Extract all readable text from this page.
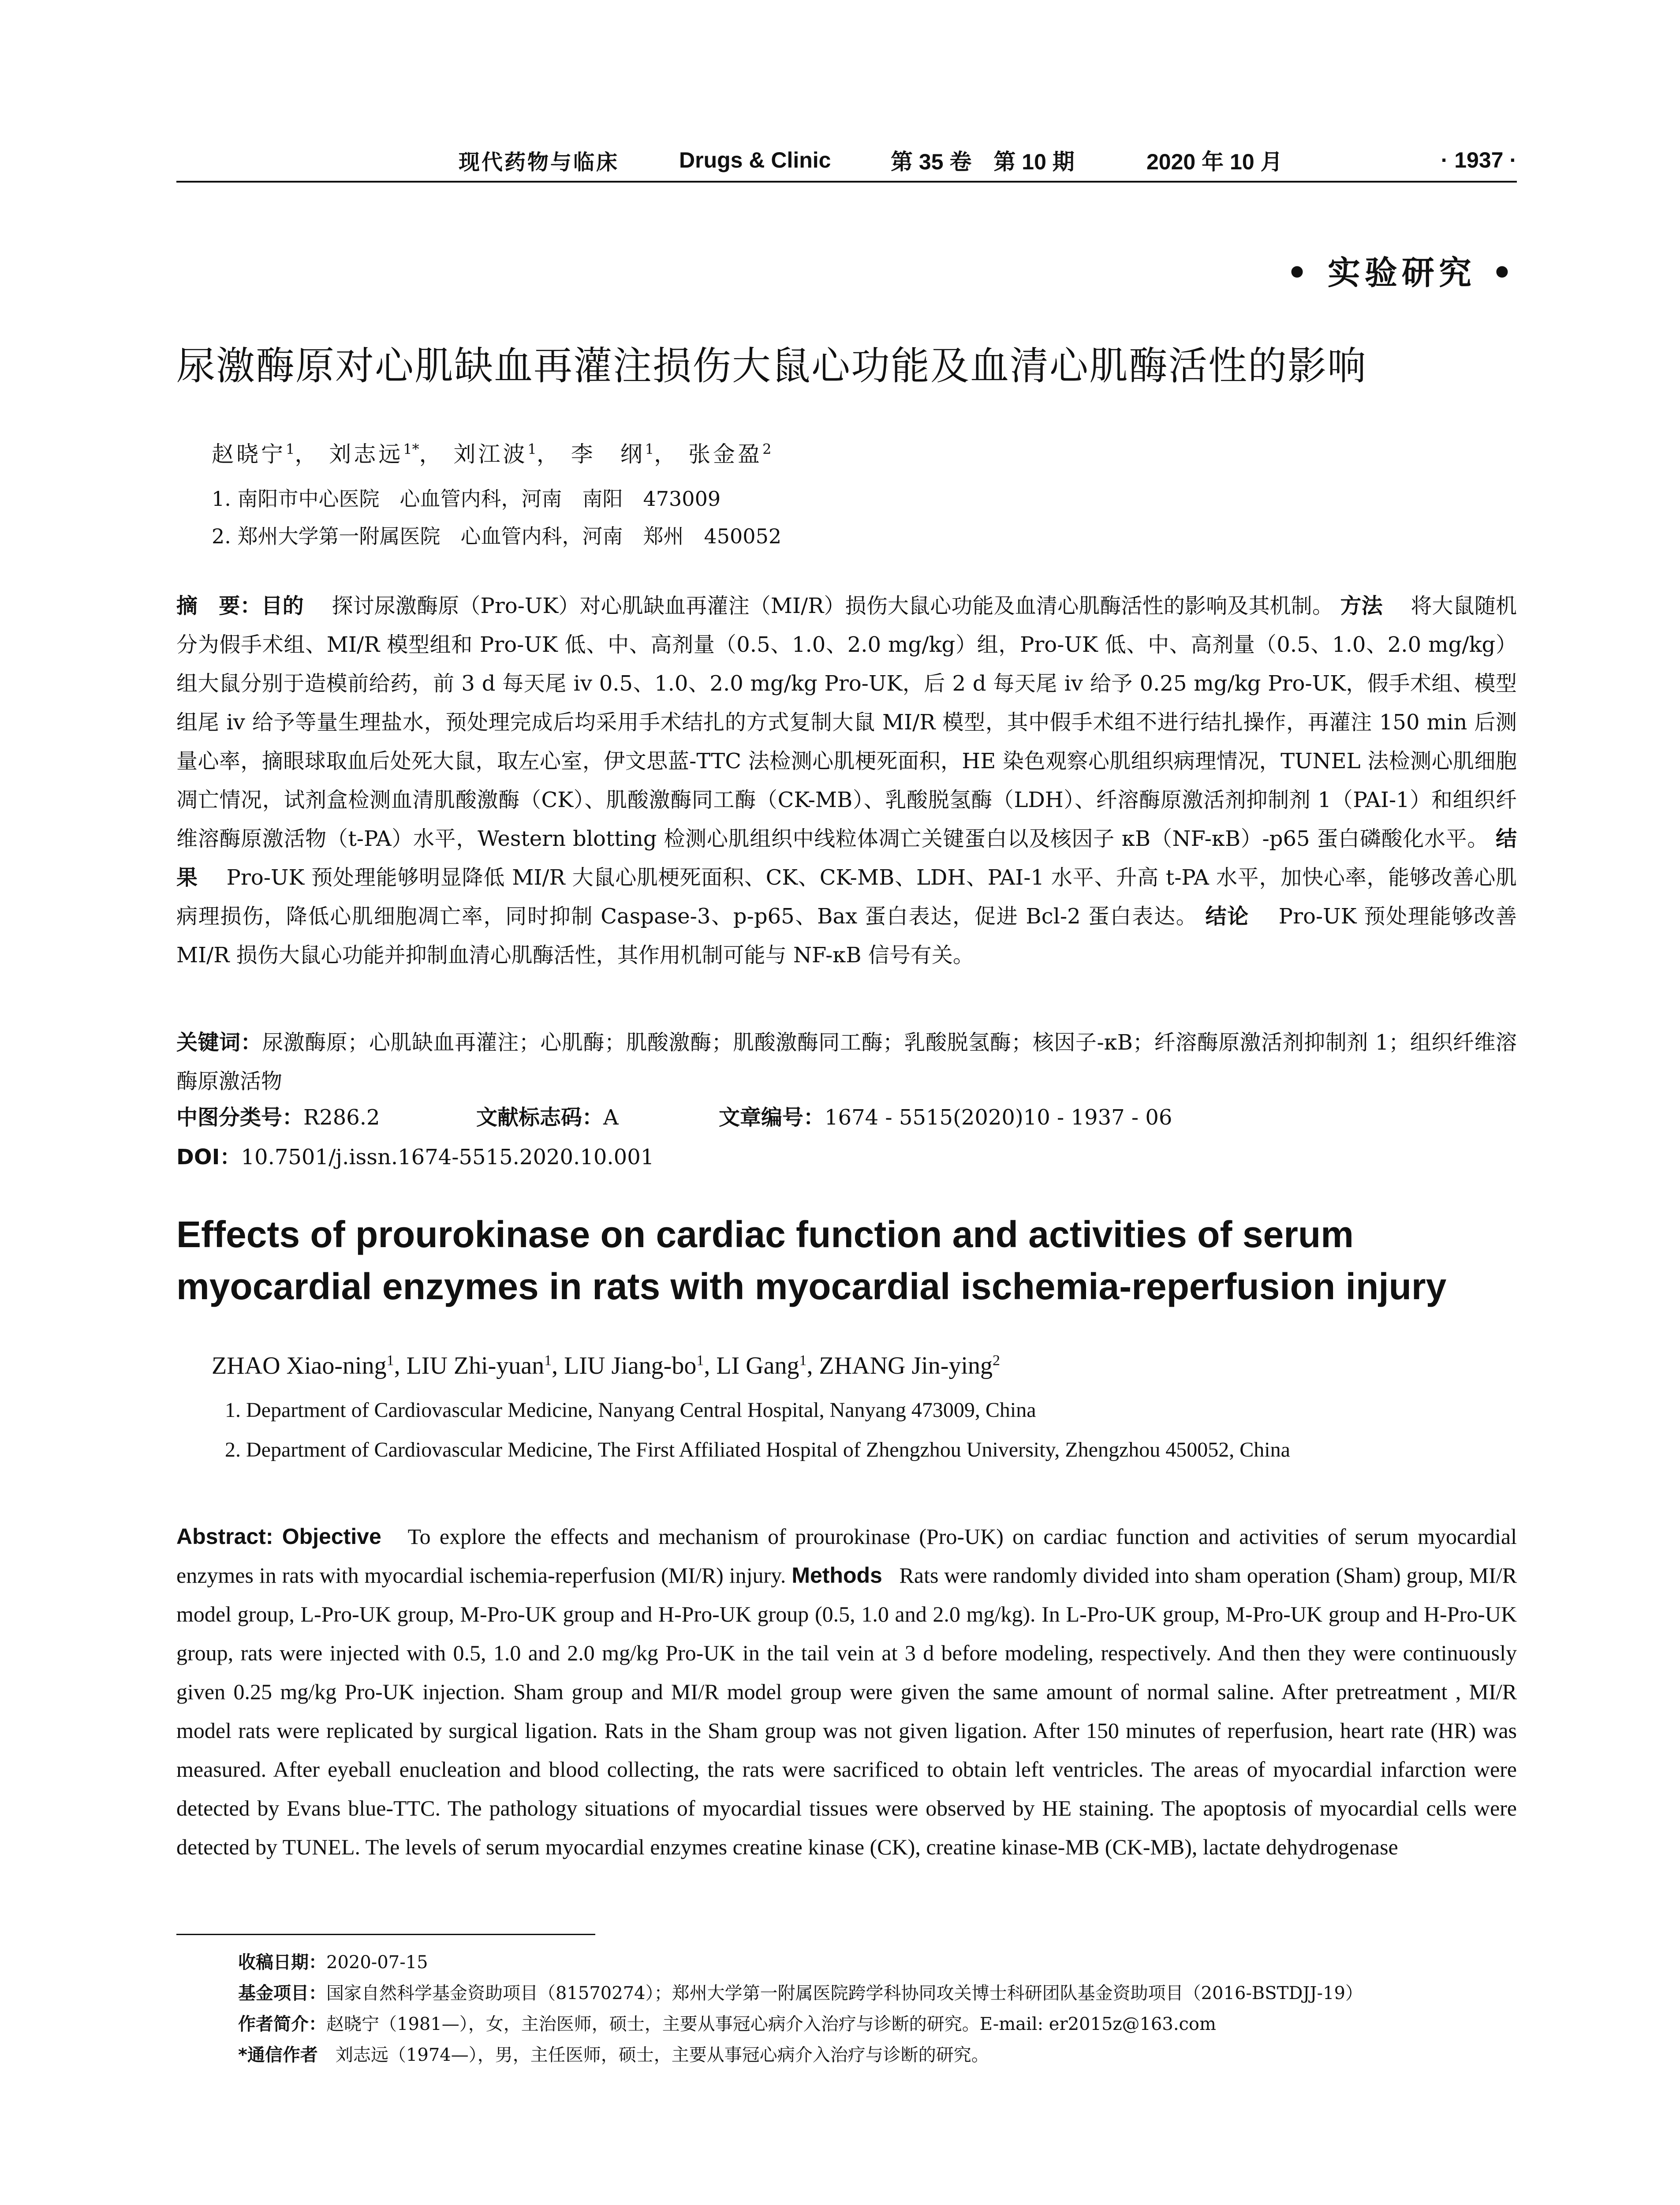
现代药物与临床	Drugs & Clinic	第 35 卷　第 10 期	2020 年 10 月	· 1937 ·
• 实验研究 •
尿激酶原对心肌缺血再灌注损伤大鼠心功能及血清心肌酶活性的影响
赵晓宁$^1$， 刘志远$^{1*}$， 刘江波$^1$， 李　纲$^1$， 张金盈$^2$
1. 南阳市中心医院　心血管内科，河南　南阳　473009
2. 郑州大学第一附属医院　心血管内科，河南　郑州　450052
摘　要：目的　 探讨尿激酶原（Pro-UK）对心肌缺血再灌注（MI/R）损伤大鼠心功能及血清心肌酶活性的影响及其机制。 方法　 将大鼠随机分为假手术组、MI/R 模型组和 Pro-UK 低、中、高剂量（0.5、1.0、2.0 mg/kg）组，Pro-UK 低、中、高剂量（0.5、1.0、2.0 mg/kg）组大鼠分别于造模前给药，前 3 d 每天尾 iv 0.5、1.0、2.0 mg/kg Pro-UK，后 2 d 每天尾 iv 给予 0.25 mg/kg Pro-UK，假手术组、模型组尾 iv 给予等量生理盐水，预处理完成后均采用手术结扎的方式复制大鼠 MI/R 模型，其中假手术组不进行结扎操作，再灌注 150 min 后测量心率，摘眼球取血后处死大鼠，取左心室，伊文思蓝-TTC 法检测心肌梗死面积，HE 染色观察心肌组织病理情况，TUNEL 法检测心肌细胞凋亡情况，试剂盒检测血清肌酸激酶（CK）、肌酸激酶同工酶（CK-MB）、乳酸脱氢酶（LDH）、纤溶酶原激活剂抑制剂 1（PAI-1）和组织纤维溶酶原激活物（t-PA）水平，Western blotting 检测心肌组织中线粒体凋亡关键蛋白以及核因子 κB（NF-κB）-p65 蛋白磷酸化水平。 结果　 Pro-UK 预处理能够明显降低 MI/R 大鼠心肌梗死面积、CK、CK-MB、LDH、PAI-1 水平、升高 t-PA 水平，加快心率，能够改善心肌病理损伤，降低心肌细胞凋亡率，同时抑制 Caspase-3、p-p65、Bax 蛋白表达，促进 Bcl-2 蛋白表达。 结论　 Pro-UK 预处理能够改善 MI/R 损伤大鼠心功能并抑制血清心肌酶活性，其作用机制可能与 NF-κB 信号有关。
关键词：尿激酶原；心肌缺血再灌注；心肌酶；肌酸激酶；肌酸激酶同工酶；乳酸脱氢酶；核因子-κB；纤溶酶原激活剂抑制剂 1；组织纤维溶酶原激活物
中图分类号：R286.2	文献标志码：A	文章编号：1674 - 5515(2020)10 - 1937 - 06
DOI：10.7501/j.issn.1674-5515.2020.10.001
Effects of prourokinase on cardiac function and activities of serum myocardial enzymes in rats with myocardial ischemia-reperfusion injury
ZHAO Xiao-ning$^1$, LIU Zhi-yuan$^1$, LIU Jiang-$bo^1$, LI Gang$^1$, ZHANG Jin-ying$^2$
1. Department of Cardiovascular Medicine, Nanyang Central Hospital, Nanyang 473009, China
2. Department of Cardiovascular Medicine, The First Affiliated Hospital of Zhengzhou University, Zhengzhou 450052, China
Abstract: Objective To explore the effects and mechanism of prourokinase (Pro-UK) on cardiac function and activities of serum myocardial enzymes in rats with myocardial ischemia-reperfusion (MI/R) injury. Methods Rats were randomly divided into sham operation (Sham) group, MI/R model group, L-Pro-UK group, M-Pro-UK group and H-Pro-UK group (0.5, 1.0 and 2.0 mg/kg). In L-Pro-UK group, M-Pro-UK group and H-Pro-UK group, rats were injected with 0.5, 1.0 and 2.0 mg/kg Pro-UK in the tail vein at 3 d before modeling, respectively. And then they were continuously given 0.25 mg/kg Pro-UK injection. Sham group and MI/R model group were given the same amount of normal saline. After pretreatment , MI/R model rats were replicated by surgical ligation. Rats in the Sham group was not given ligation. After 150 minutes of reperfusion, heart rate (HR) was measured. After eyeball enucleation and blood collecting, the rats were sacrificed to obtain left ventricles. The areas of myocardial infarction were detected by Evans blue-TTC. The pathology situations of myocardial tissues were observed by HE staining. The apoptosis of myocardial cells were detected by TUNEL. The levels of serum myocardial enzymes creatine kinase (CK), creatine kinase-MB (CK-MB), lactate dehydrogenase
收稿日期：2020-07-15
基金项目：国家自然科学基金资助项目（81570274）；郑州大学第一附属医院跨学科协同攻关博士科研团队基金资助项目（2016-BSTDJJ-19）
作者简介：赵晓宁（1981—），女，主治医师，硕士，主要从事冠心病介入治疗与诊断的研究。E-mail: er2015z@163.com
*通信作者　刘志远（1974—），男，主任医师，硕士，主要从事冠心病介入治疗与诊断的研究。
